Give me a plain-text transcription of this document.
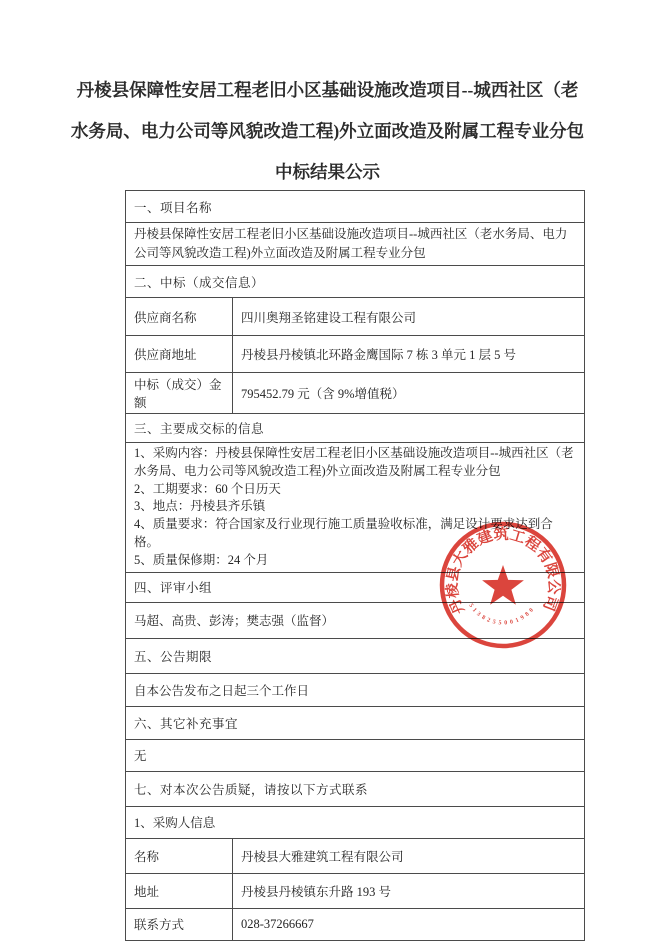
丹棱县保障性安居工程老旧小区基础设施改造项目--城西社区（老
水务局、电力公司等风貌改造工程)外立面改造及附属工程专业分包
中标结果公示
一、项目名称	
丹棱县保障性安居工程老旧小区基础设施改造项目--城西社区（老水务局、电力公司等风貌改造工程)外立面改造及附属工程专业分包	
二、中标（成交信息）	
供应商名称	四川奥翔圣铭建设工程有限公司
供应商地址	丹棱县丹棱镇北环路金鹰国际 7 栋 3 单元 1 层 5 号
中标（成交）金额	795452.79 元（含 9%增值税）
三、主要成交标的信息	

1、采购内容：丹棱县保障性安居工程老旧小区基础设施改造项目--城西社区（老水务局、电力公司等风貌改造工程)外立面改造及附属工程专业分包
2、工期要求：60 个日历天
3、地点：丹棱县齐乐镇
4、质量要求：符合国家及行业现行施工质量验收标准，满足设计要求达到合格。
5、质量保修期：24 个月	

四、评审小组	
马超、高贵、彭涛；樊志强（监督）	
五、公告期限	
自本公告发布之日起三个工作日	
六、其它补充事宜	
无	
七、对本次公告质疑，请按以下方式联系	
1、采购人信息	
名称	丹棱县大雅建筑工程有限公司
地址	丹棱县丹棱镇东升路 193 号
联系方式	028-37266667
丹棱县大雅建筑工程有限公司
5138255001980
